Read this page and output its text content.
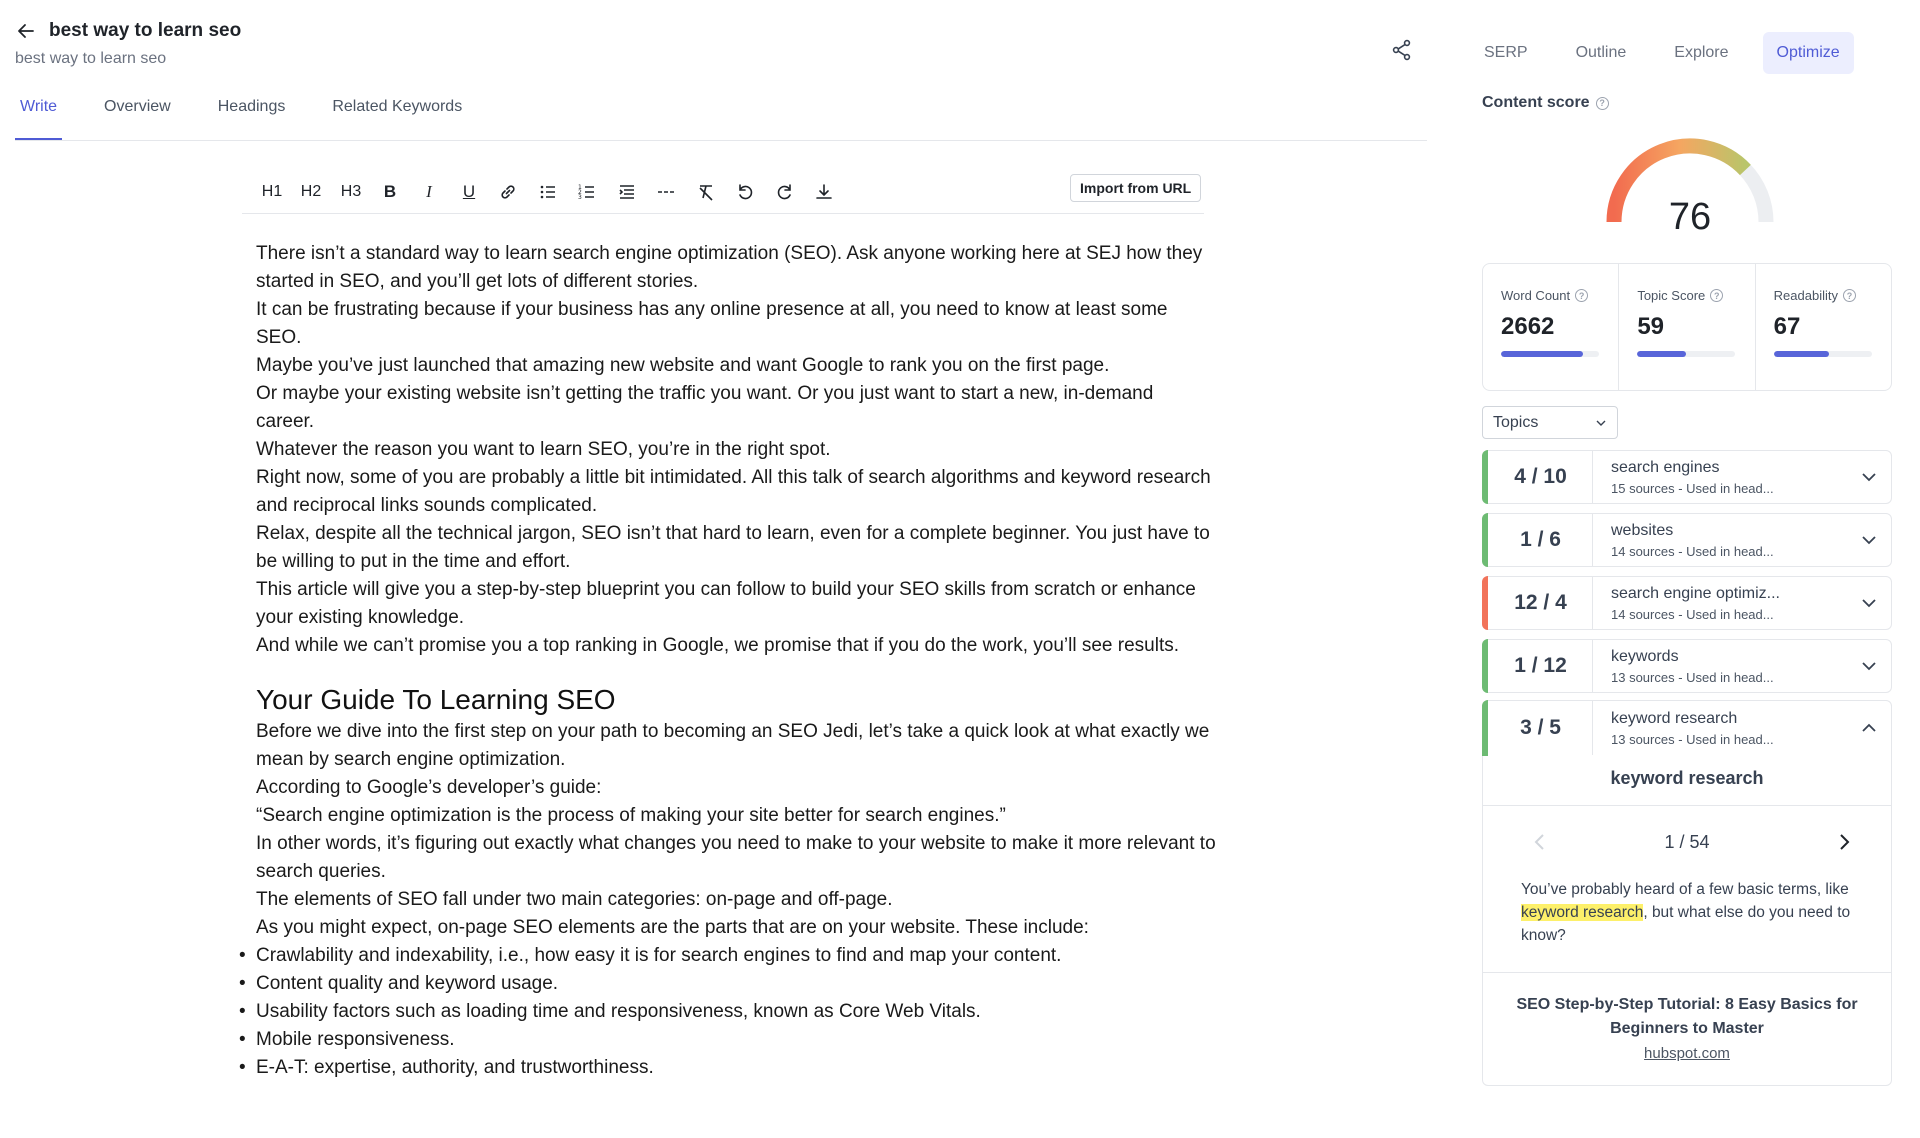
best way to learn seo
best way to learn seo
Write	Overview	Headings	Related Keywords
H1 H2 H3 B I U	1
2
3
Import from URL

There isn’t a standard way to learn search engine optimization (SEO). Ask anyone working here at SEJ how they started in SEO, and you’ll get lots of different stories.

It can be frustrating because if your business has any online presence at all, you need to know at least some SEO.

Maybe you’ve just launched that amazing new website and want Google to rank you on the first page.

Or maybe your existing website isn’t getting the traffic you want. Or you just want to start a new, in-demand career.

Whatever the reason you want to learn SEO, you’re in the right spot.

Right now, some of you are probably a little bit intimidated. All this talk of search algorithms and keyword research and reciprocal links sounds complicated.

Relax, despite all the technical jargon, SEO isn’t that hard to learn, even for a complete beginner. You just have to be willing to put in the time and effort.

This article will give you a step-by-step blueprint you can follow to build your SEO skills from scratch or enhance your existing knowledge.

And while we can’t promise you a top ranking in Google, we promise that if you do the work, you’ll see results.

Your Guide To Learning SEO

Before we dive into the first step on your path to becoming an SEO Jedi, let’s take a quick look at what exactly we mean by search engine optimization.

According to Google’s developer’s guide:

“Search engine optimization is the process of making your site better for search engines.”

In other words, it’s figuring out exactly what changes you need to make to your website to make it more relevant to search queries.

The elements of SEO fall under two main categories: on-page and off-page.

As you might expect, on-page SEO elements are the parts that are on your website. These include:

• Crawlability and indexability, i.e., how easy it is for search engines to find and map your content.
• Content quality and keyword usage.
• Usability factors such as loading time and responsiveness, known as Core Web Vitals.
• Mobile responsiveness.
• E-A-T: expertise, authority, and trustworthiness.
SERP	Outline	Explore	Optimize
Content score	?
76
Word Count ?
2662
Topic Score ?
59
Readability ?
67
Topics
4 / 10	search engines
15 sources - Used in head...
1 / 6	websites
14 sources - Used in head...
12 / 4	search engine optimiz...
14 sources - Used in head...
1 / 12	keywords
13 sources - Used in head...
3 / 5	keyword research
13 sources - Used in head...
keyword research
1 / 54
You’ve probably heard of a few basic terms, like keyword research, but what else do you need to know?
SEO Step-by-Step Tutorial: 8 Easy Basics for Beginners to Master
hubspot.com
